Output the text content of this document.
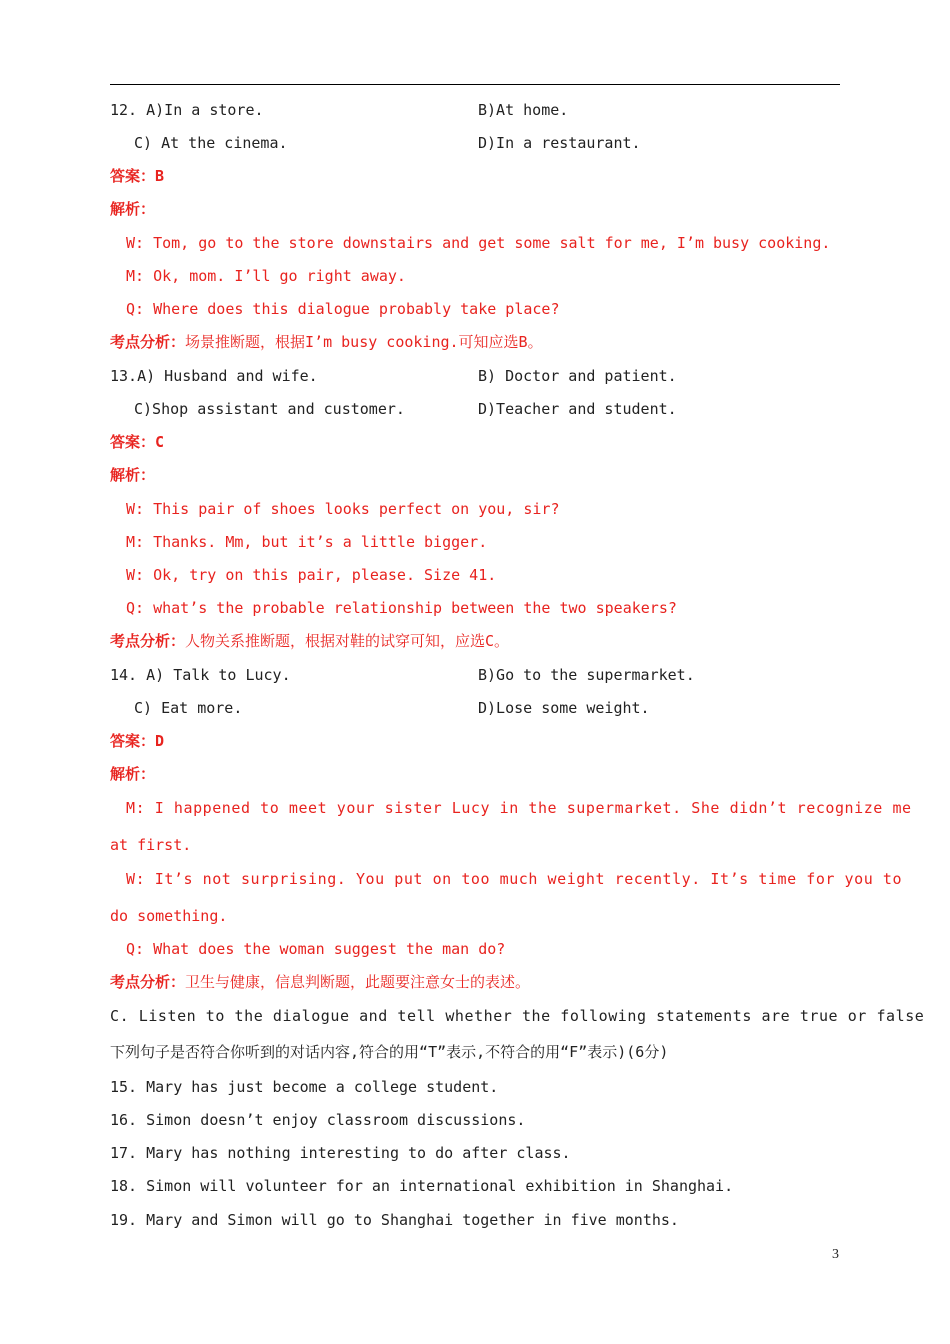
12. A)In a store.	B)At home.
C) At the cinema.	D)In a restaurant.
答案：B
解析：
W: Tom, go to the store downstairs and get some salt for me, I’m busy cooking.
M: Ok, mom. I’ll go right away.
Q: Where does this dialogue probably take place?
考点分析：场景推断题，根据I’m busy cooking.可知应选B。
13.A) Husband and wife.	B) Doctor and patient.
C)Shop assistant and customer.	D)Teacher and student.
答案：C
解析：
W: This pair of shoes looks perfect on you, sir?
M: Thanks. Mm, but it’s a little bigger.
W: Ok, try on this pair, please. Size 41.
Q: what’s the probable relationship between the two speakers?
考点分析：人物关系推断题，根据对鞋的试穿可知，应选C。
14. A) Talk to Lucy.	B)Go to the supermarket.
C) Eat more.	D)Lose some weight.
答案：D
解析：
M: I happened to meet your sister Lucy in the supermarket. She didn’t recognize me
at first.
W: It’s not surprising. You put on too much weight recently. It’s time for you to
do something.
Q: What does the woman suggest the man do?
考点分析：卫生与健康，信息判断题，此题要注意女士的表述。
C. Listen to the dialogue and tell whether the following statements are true or false
下列句子是否符合你听到的对话内容,符合的用“T”表示,不符合的用“F”表示)(6分)
15. Mary has just become a college student.
16. Simon doesn’t enjoy classroom discussions.
17. Mary has nothing interesting to do after class.
18. Simon will volunteer for an international exhibition in Shanghai.
19. Mary and Simon will go to Shanghai together in five months.
3
